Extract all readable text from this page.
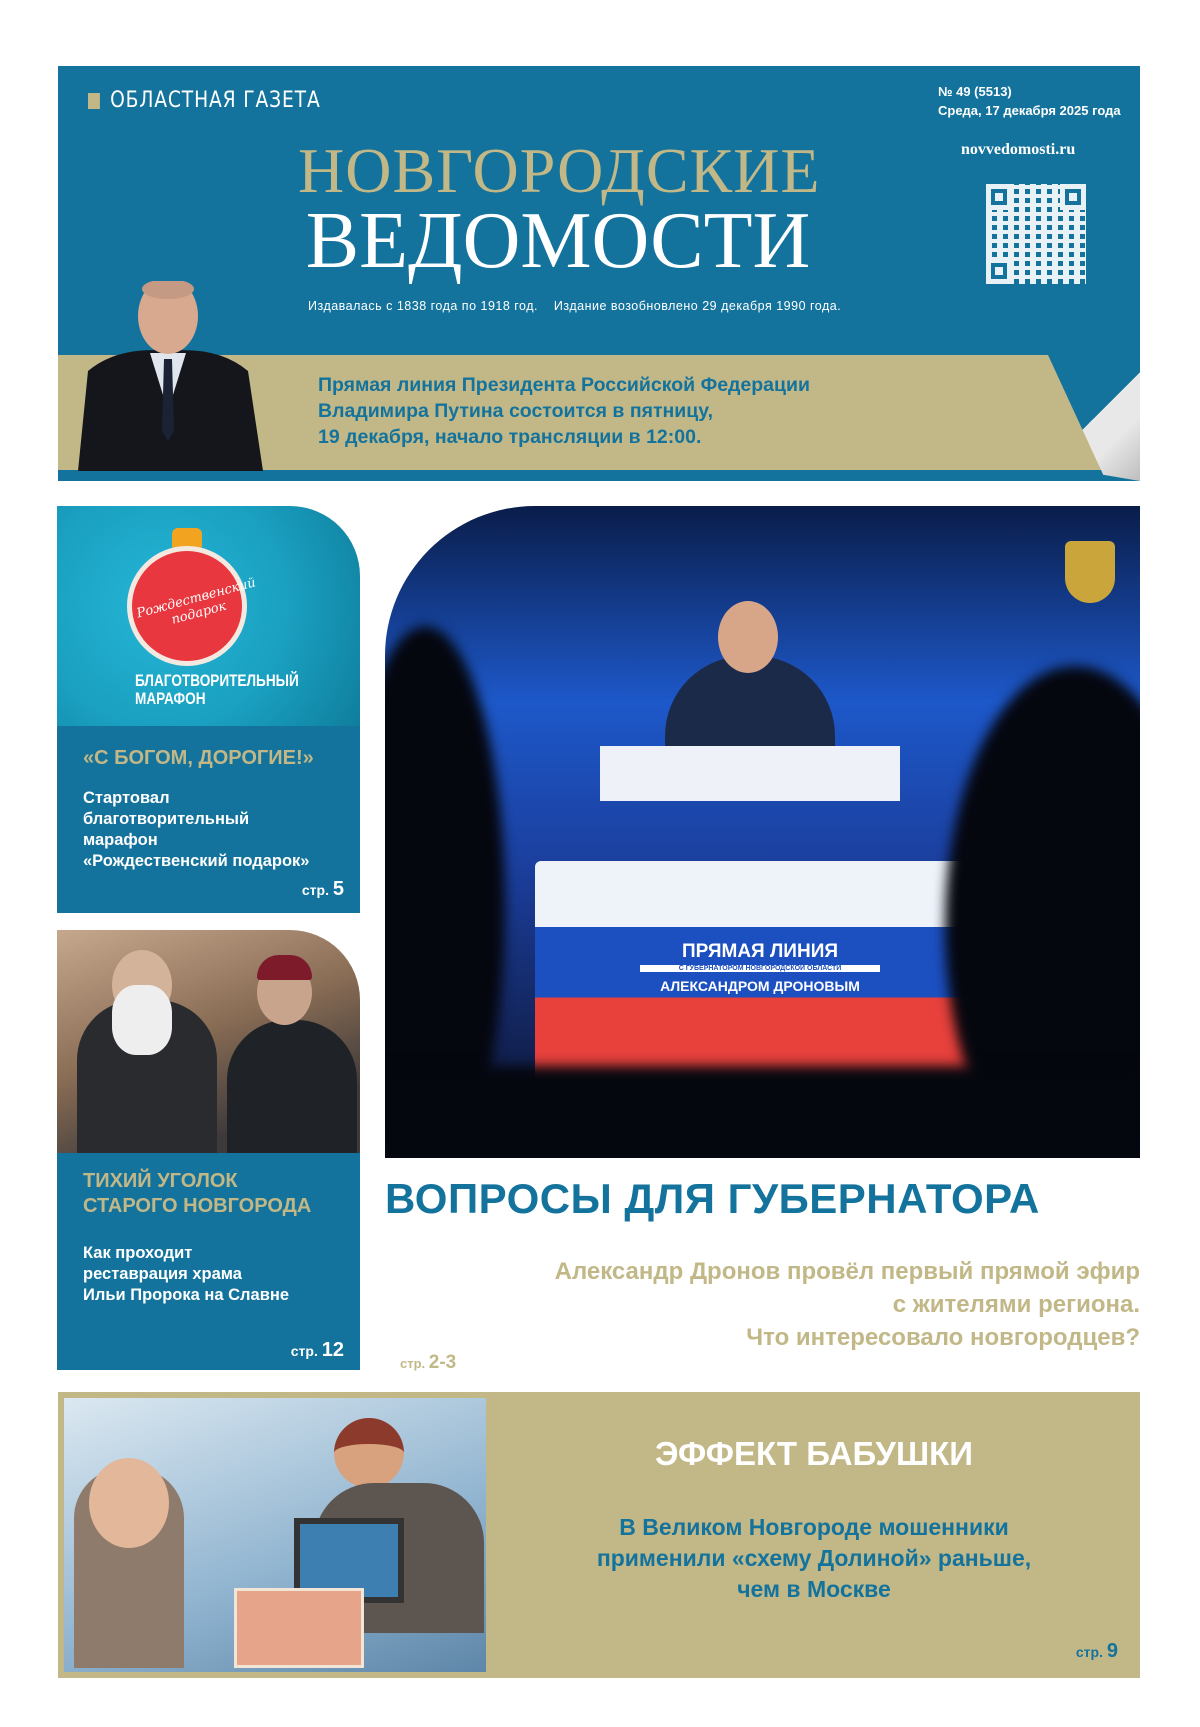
ОБЛАСТНАЯ ГАЗЕТА	№ 49 (5513)
Среда, 17 декабря 2025 года
novvedomosti.ru
НОВГОРОДСКИЕ
ВЕДОМОСТИ
Издавалась с 1838 года по 1918 год.    Издание возобновлено 29 декабря 1990 года.
Прямая линия Президента Российской Федерации
Владимира Путина состоится в пятницу,
19 декабря, начало трансляции в 12:00.
Рождественский подарок
БЛАГОТВОРИТЕЛЬНЫЙ
МАРАФОН
«С БОГОМ, ДОРОГИЕ!»
Стартовал
благотворительный
марафон
«Рождественский подарок»
стр. 5
ТИХИЙ УГОЛОК
СТАРОГО НОВГОРОДА
Как проходит
реставрация храма
Ильи Пророка на Славне
стр. 12
ПРЯМАЯ ЛИНИЯ
С ГУБЕРНАТОРОМ НОВГОРОДСКОЙ ОБЛАСТИ
АЛЕКСАНДРОМ ДРОНОВЫМ
ВОПРОСЫ ДЛЯ ГУБЕРНАТОРА
Александр Дронов провёл первый прямой эфир
с жителями региона.
Что интересовало новгородцев?
стр. 2-3
ЭФФЕКТ БАБУШКИ
В Великом Новгороде мошенники
применили «схему Долиной» раньше,
чем в Москве
стр. 9
